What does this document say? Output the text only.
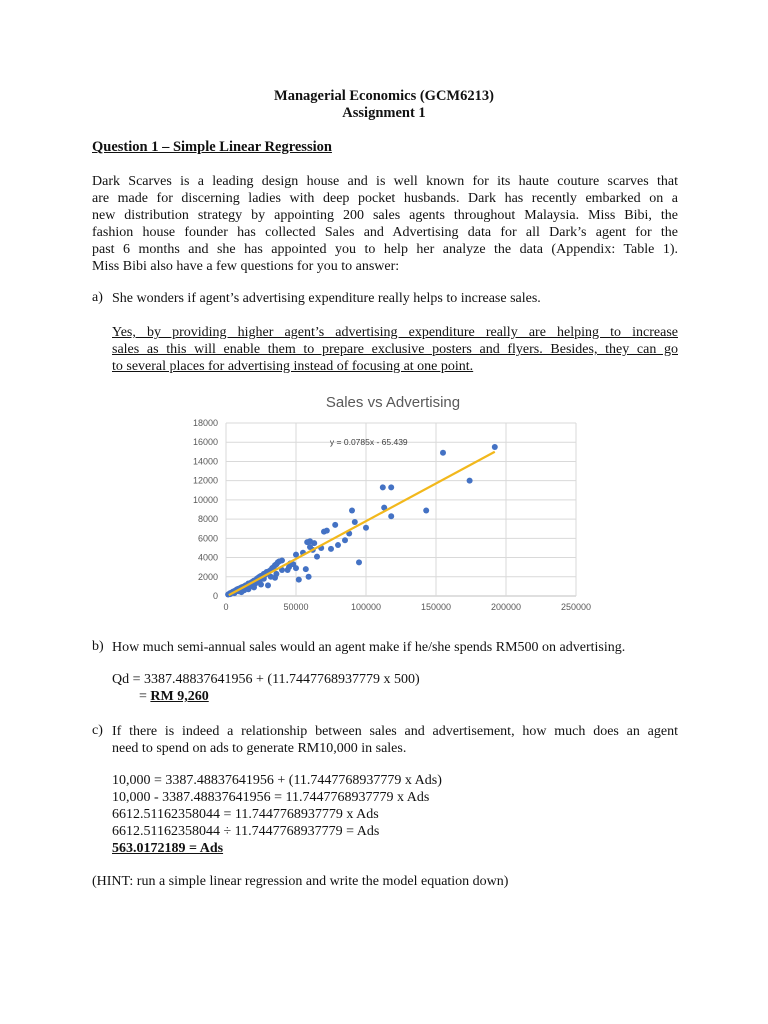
Managerial Economics (GCM6213)
Assignment 1
Question 1 – Simple Linear Regression
Dark Scarves is a leading design house and is well known for its haute couture scarves that
are made for discerning ladies with deep pocket husbands. Dark has recently embarked on a
new distribution strategy by appointing 200 sales agents throughout Malaysia. Miss Bibi, the
fashion house founder has collected Sales and Advertising data for all Dark’s agent for the
past 6 months and she has appointed you to help her analyze the data (Appendix: Table 1).
Miss Bibi also have a few questions for you to answer:
a) She wonders if agent’s advertising expenditure really helps to increase sales.
Yes, by providing higher agent’s advertising expenditure really are helping to increase
sales as this will enable them to prepare exclusive posters and flyers. Besides, they can go
to several places for advertising instead of focusing at one point.
Sales vs Advertising
0
2000
4000
6000
8000
10000
12000
14000
16000
18000
0	50000	100000	150000	200000	250000
y = 0.0785x - 65.439
b) How much semi-annual sales would an agent make if he/she spends RM500 on advertising.
Qd = 3387.48837641956 + (11.7447768937779 x 500)
= RM 9,260
c) If there is indeed a relationship between sales and advertisement, how much does an agent
need to spend on ads to generate RM10,000 in sales.
10,000 = 3387.48837641956 + (11.7447768937779 x Ads)
10,000 - 3387.48837641956 = 11.7447768937779 x Ads
6612.51162358044 = 11.7447768937779 x Ads
6612.51162358044 ÷ 11.7447768937779 = Ads
563.0172189 = Ads
(HINT: run a simple linear regression and write the model equation down)
